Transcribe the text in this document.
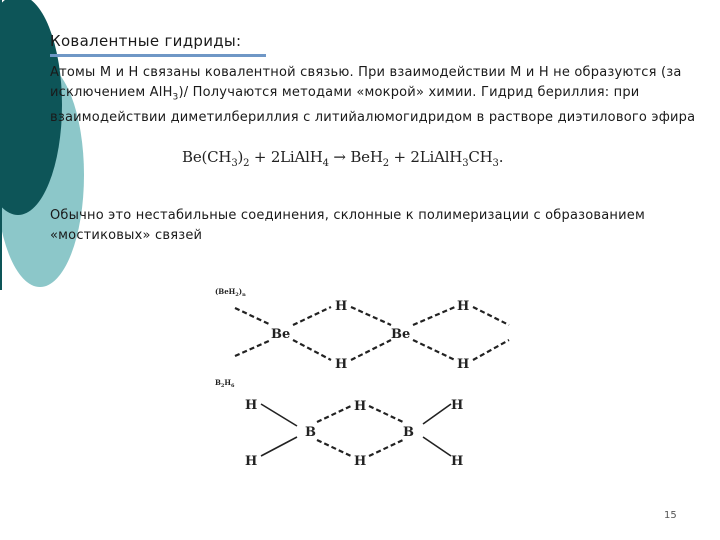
Ковалентные гидриды:
Атомы М и Н связаны ковалентной связью. При взаимодействии М и Н не образуются (за исключением AlH$_3$)/ Получаются методами «мокрой» химии. Гидрид бериллия: при взаимодействии диметилбериллия с литийалюмогидридом в растворе диэтилового эфира
$Be(CH_3)_2$ + 2LiAlH$_4$ → $BeH_2 + 2LiAlH_3CH_3$.
Обычно это нестабильные соединения, склонные к полимеризации с образованием «мостиковых» связей
$(BeH_2)_n$
Be	Be
H
H
H
H
$B_2H_6$
H
H
B
H
H
B
H
H
15
